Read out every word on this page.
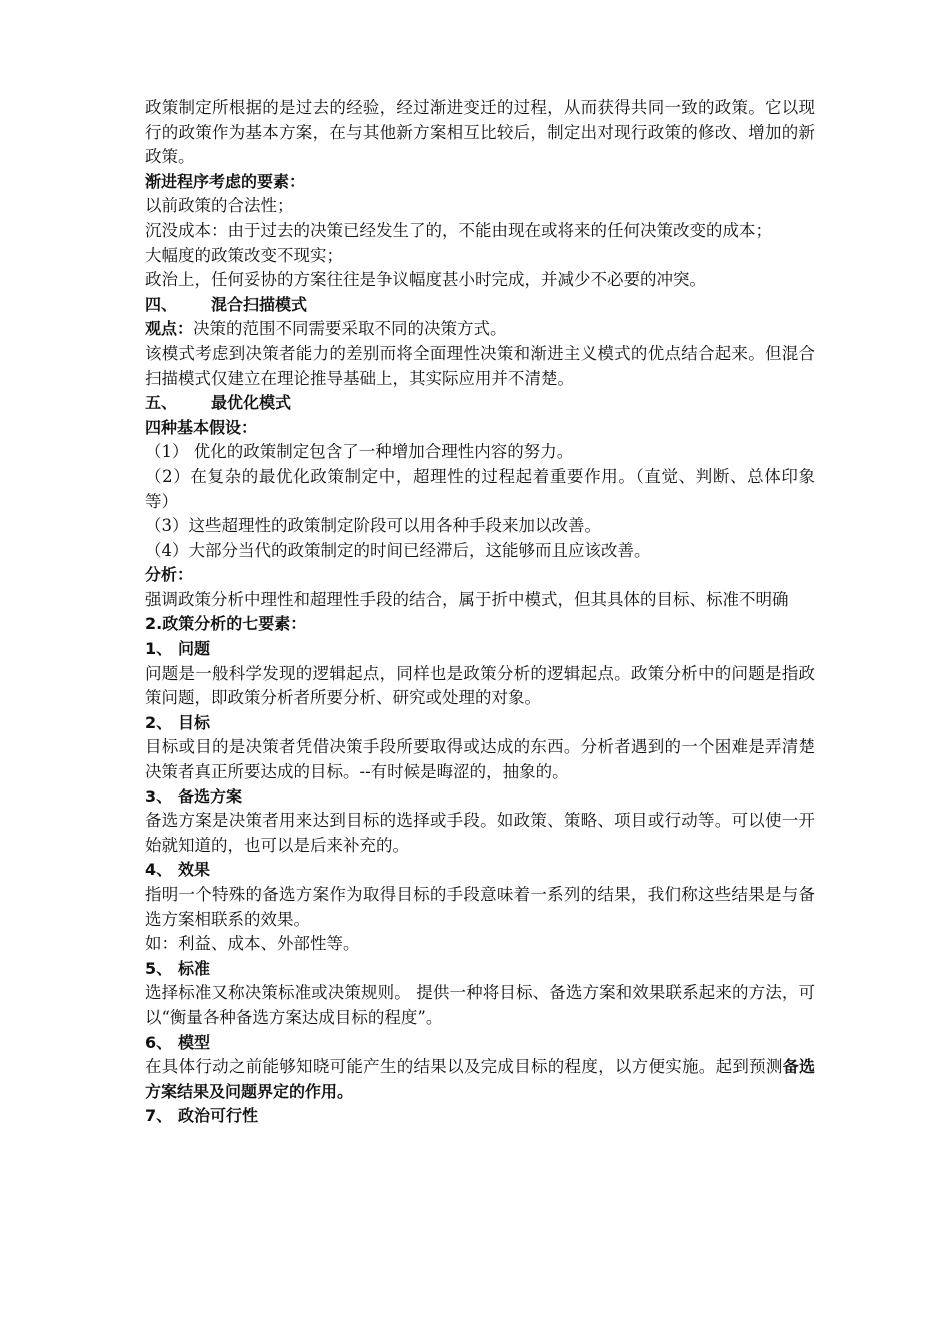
政策制定所根据的是过去的经验，经过渐进变迁的过程，从而获得共同一致的政策。它以现行的政策作为基本方案，在与其他新方案相互比较后，制定出对现行政策的修改、增加的新政策。

渐进程序考虑的要素：

以前政策的合法性；

沉没成本：由于过去的决策已经发生了的，不能由现在或将来的任何决策改变的成本；

大幅度的政策改变不现实；

政治上，任何妥协的方案往往是争议幅度甚小时完成，并减少不必要的冲突。

四、 混合扫描模式

观点：决策的范围不同需要采取不同的决策方式。

该模式考虑到决策者能力的差别而将全面理性决策和渐进主义模式的优点结合起来。但混合扫描模式仅建立在理论推导基础上，其实际应用并不清楚。

五、 最优化模式

四种基本假设：

（1） 优化的政策制定包含了一种增加合理性内容的努力。

（2）在复杂的最优化政策制定中，超理性的过程起着重要作用。（直觉、判断、总体印象等）

（3）这些超理性的政策制定阶段可以用各种手段来加以改善。

（4）大部分当代的政策制定的时间已经滞后，这能够而且应该改善。

分析：

强调政策分析中理性和超理性手段的结合，属于折中模式，但其具体的目标、标准不明确

2.政策分析的七要素：

1、 问题

问题是一般科学发现的逻辑起点，同样也是政策分析的逻辑起点。政策分析中的问题是指政策问题，即政策分析者所要分析、研究或处理的对象。

2、 目标

目标或目的是决策者凭借决策手段所要取得或达成的东西。分析者遇到的一个困难是弄清楚决策者真正所要达成的目标。--有时候是晦涩的，抽象的。

3、 备选方案

备选方案是决策者用来达到目标的选择或手段。如政策、策略、项目或行动等。可以使一开始就知道的，也可以是后来补充的。

4、 效果

指明一个特殊的备选方案作为取得目标的手段意味着一系列的结果，我们称这些结果是与备选方案相联系的效果。

如：利益、成本、外部性等。

5、 标准

选择标准又称决策标准或决策规则。 提供一种将目标、备选方案和效果联系起来的方法，可以“衡量各种备选方案达成目标的程度”。

6、 模型

在具体行动之前能够知晓可能产生的结果以及完成目标的程度，以方便实施。起到预测备选方案结果及问题界定的作用。

7、 政治可行性
